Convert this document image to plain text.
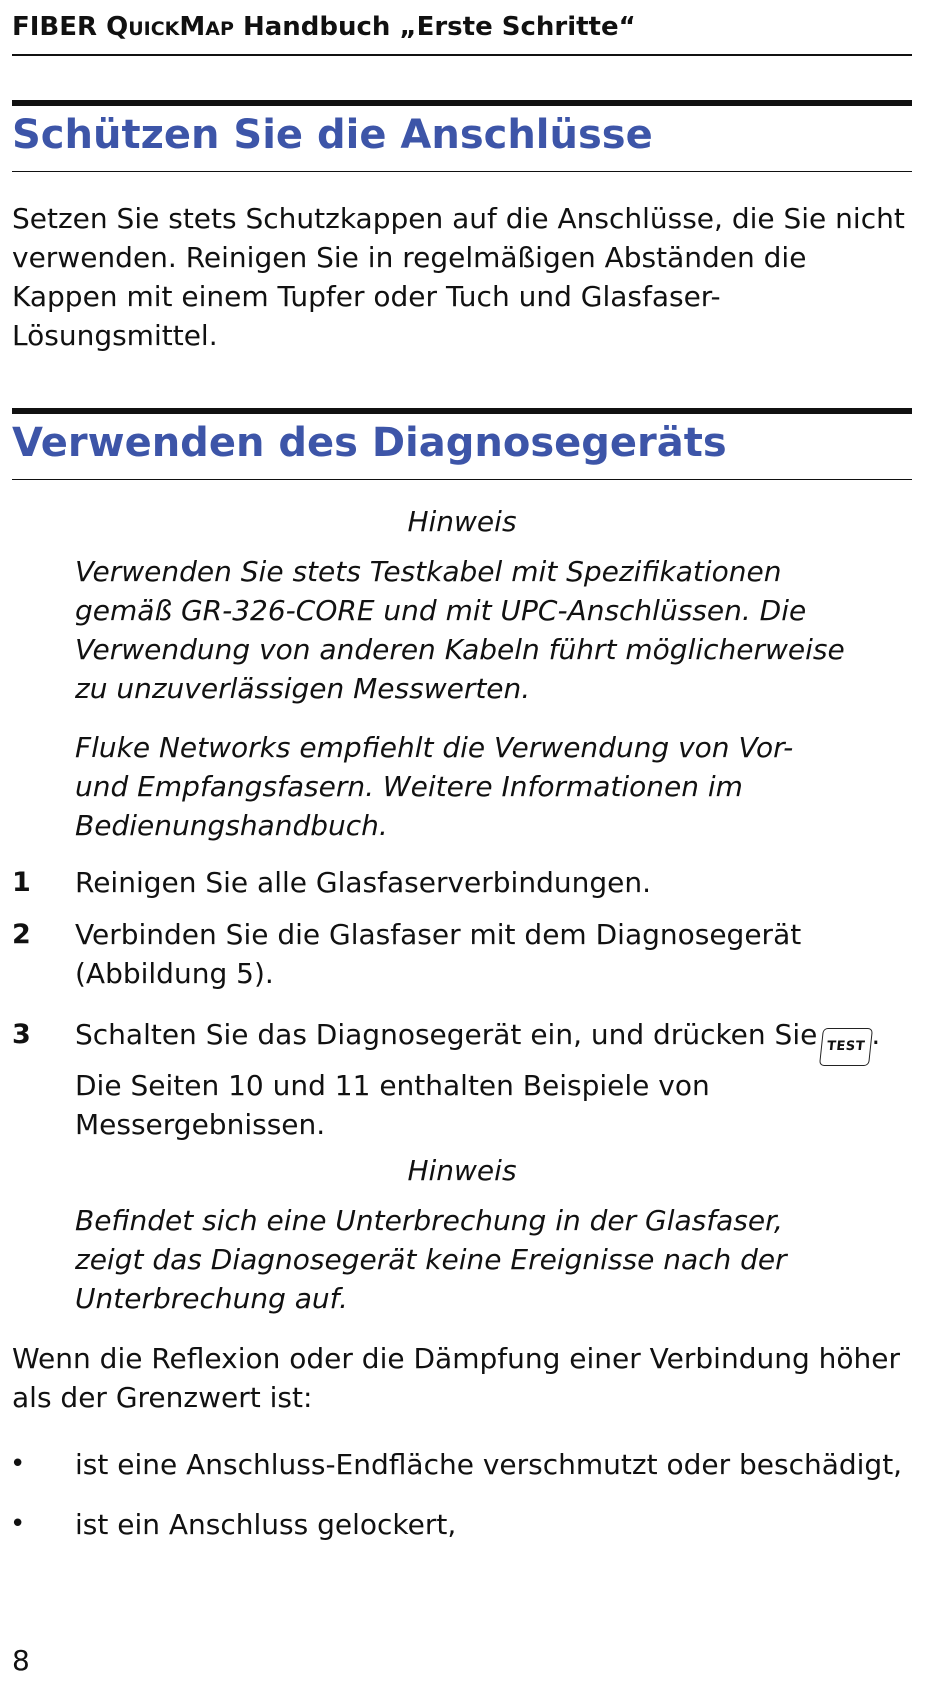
FIBER QUICKMAP Handbuch „Erste Schritte“
Schützen Sie die Anschlüsse
Setzen Sie stets Schutzkappen auf die Anschlüsse, die Sie nicht verwenden. Reinigen Sie in regelmäßigen Abständen die Kappen mit einem Tupfer oder Tuch und Glasfaser-Lösungsmittel.
Verwenden des Diagnosegeräts
Hinweis
Verwenden Sie stets Testkabel mit Spezifikationen gemäß GR-326-CORE und mit UPC-Anschlüssen. Die Verwendung von anderen Kabeln führt möglicherweise zu unzuverlässigen Messwerten.
Fluke Networks empfiehlt die Verwendung von Vor- und Empfangsfasern. Weitere Informationen im Bedienungshandbuch.
1 Reinigen Sie alle Glasfaserverbindungen.
2 Verbinden Sie die Glasfaser mit dem Diagnosegerät (Abbildung 5).
3 Schalten Sie das Diagnosegerät ein, und drücken Sie TEST . Die Seiten 10 und 11 enthalten Beispiele von Messergebnissen.
Hinweis
Befindet sich eine Unterbrechung in der Glasfaser, zeigt das Diagnosegerät keine Ereignisse nach der Unterbrechung auf.
Wenn die Reflexion oder die Dämpfung einer Verbindung höher als der Grenzwert ist:
• ist eine Anschluss-Endfläche verschmutzt oder beschädigt,
• ist ein Anschluss gelockert,
8
